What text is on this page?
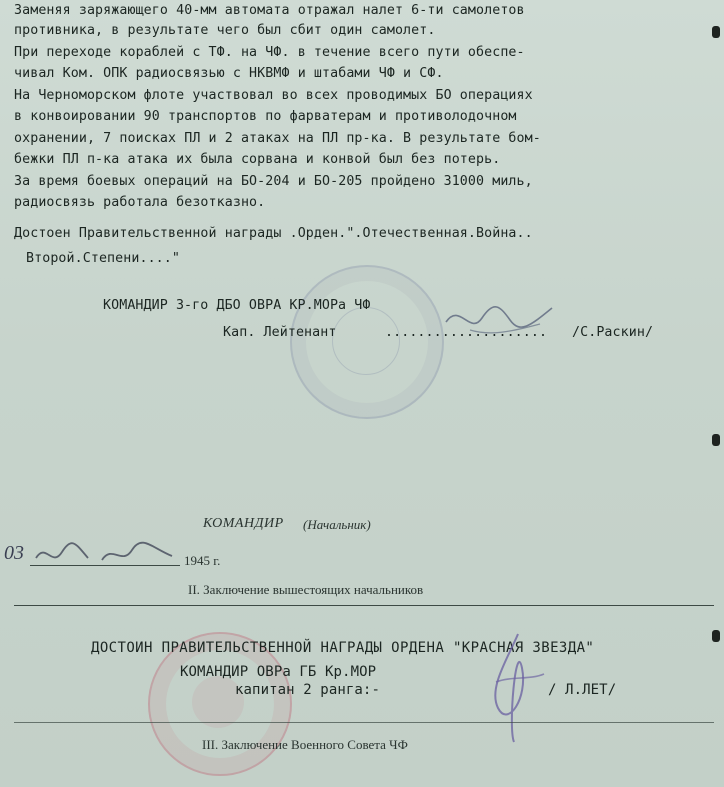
Заменяя заряжающего 40-мм автомата отражал налет 6-ти самолетов
противника, в результате чего был сбит один самолет.
При переходе кораблей с ТФ. на ЧФ. в течение всего пути обеспе-
чивал Ком. ОПК радиосвязью с НКВМФ и штабами ЧФ и СФ.
На Черноморском флоте участвовал во всех проводимых БО операциях
в конвоировании 90 транспортов по фарватерам и противолодочном
охранении, 7 поисках ПЛ и 2 атаках на ПЛ пр-ка. В результате бом-
бежки ПЛ п-ка атака их была сорвана и конвой был без потерь.
За время боевых операций на БО-204 и БО-205 пройдено 31000 миль,
радиосвязь работала безотказно.
Достоен Правительственной награды .Орден.".Отечественная.Война..
Второй.Степени...."
КОМАНДИР 3-го ДБО ОВРА КР.МОРа ЧФ
Кап. Лейтенант	.................... /С.Раскин/
КОМАНДИР (Начальник)
03	1945 г.
II. Заключение вышестоящих начальников
ДОСТОИН ПРАВИТЕЛЬСТВЕННОЙ НАГРАДЫ ОРДЕНА "КРАСНАЯ ЗВЕЗДА"
КОМАНДИР ОВРа ГБ Кр.МОР
капитан 2 ранга:-	/ Л.ЛЕТ/
III. Заключение Военного Совета ЧФ
